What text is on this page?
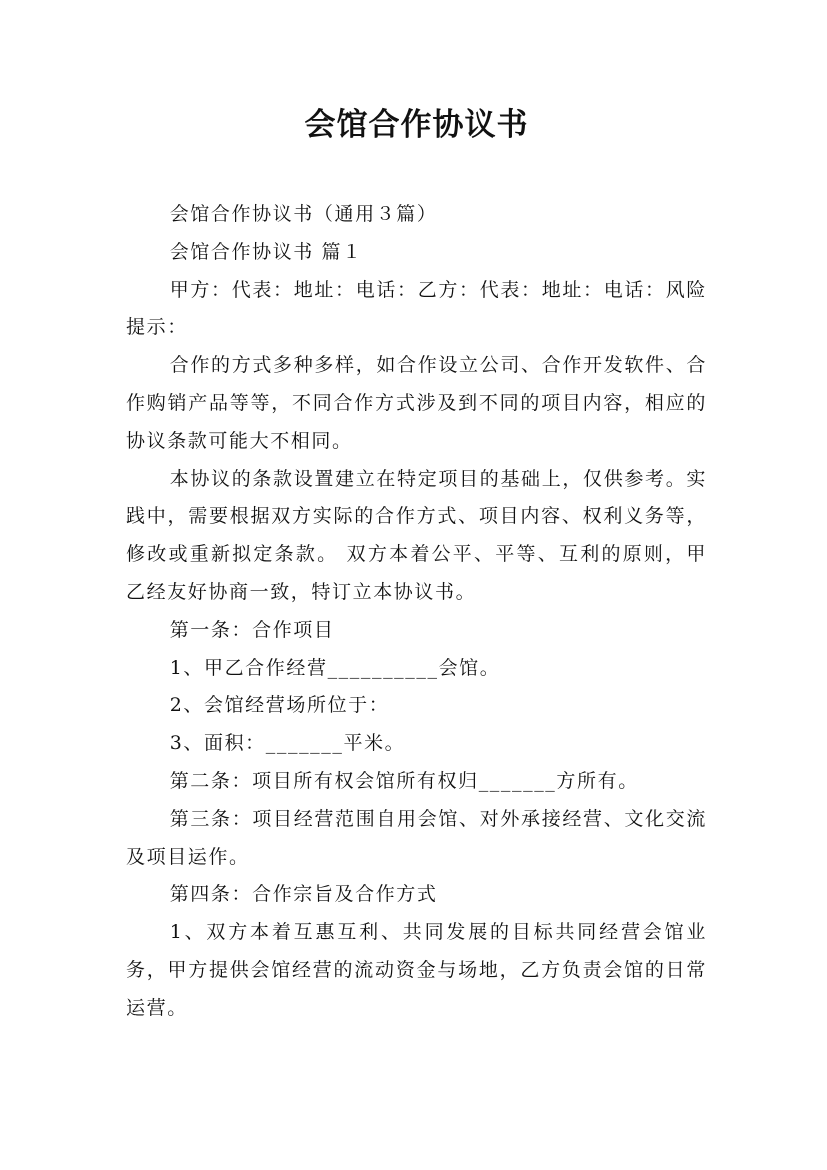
会馆合作协议书

会馆合作协议书（通用３篇）

会馆合作协议书 篇１

甲方：代表：地址：电话：乙方：代表：地址：电话：风险提示：

合作的方式多种多样，如合作设立公司、合作开发软件、合作购销产品等等，不同合作方式涉及到不同的项目内容，相应的协议条款可能大不相同。

本协议的条款设置建立在特定项目的基础上，仅供参考。实践中，需要根据双方实际的合作方式、项目内容、权利义务等，修改或重新拟定条款。 双方本着公平、平等、互利的原则，甲乙经友好协商一致，特订立本协议书。

第一条：合作项目

1、甲乙合作经营__________会馆。

2、会馆经营场所位于：

3、面积：_______平米。

第二条：项目所有权会馆所有权归_______方所有。

第三条：项目经营范围自用会馆、对外承接经营、文化交流及项目运作。

第四条：合作宗旨及合作方式

1、双方本着互惠互利、共同发展的目标共同经营会馆业务，甲方提供会馆经营的流动资金与场地，乙方负责会馆的日常运营。
